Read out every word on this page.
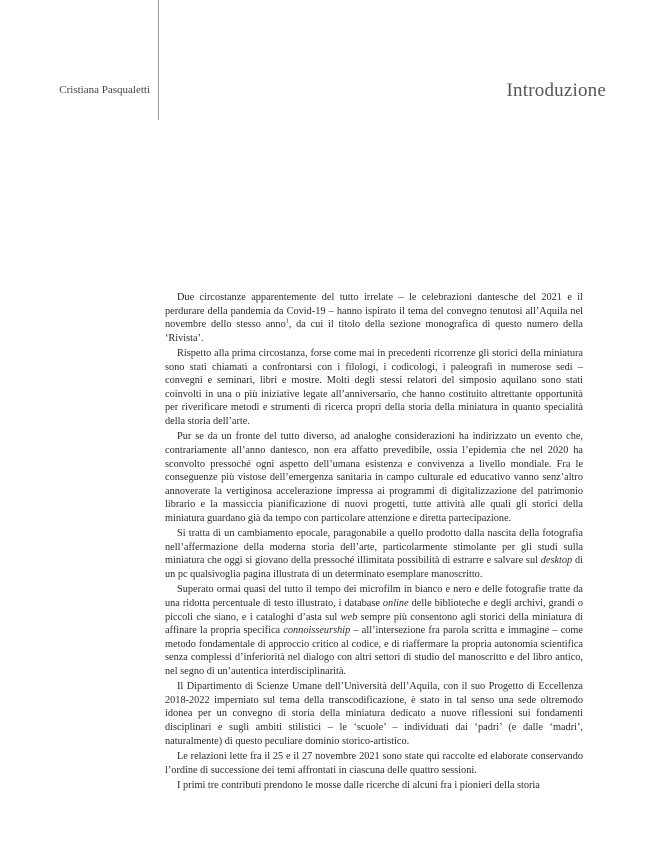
Cristiana Pasqualetti	Introduzione

Due circostanze apparentemente del tutto irrelate – le celebrazioni dantesche del 2021 e il perdurare della pandemia da Covid-19 – hanno ispirato il tema del convegno tenutosi all’Aquila nel novembre dello stesso anno$^1$, da cui il titolo della sezione monografica di questo numero della ‘Rivista’.

Rispetto alla prima circostanza, forse come mai in precedenti ricorrenze gli storici della miniatura sono stati chiamati a confrontarsi con i filologi, i codicologi, i paleografi in numerose sedi – convegni e seminari, libri e mostre. Molti degli stessi relatori del simposio aquilano sono stati coinvolti in una o più iniziative legate all’anniversario, che hanno costituito altrettante opportunità per riverificare metodi e strumenti di ricerca propri della storia della miniatura in quanto specialità della storia dell’arte.

Pur se da un fronte del tutto diverso, ad analoghe considerazioni ha indirizzato un evento che, contrariamente all’anno dantesco, non era affatto prevedibile, ossia l’epidemia che nel 2020 ha sconvolto pressoché ogni aspetto dell’umana esistenza e convivenza a livello mondiale. Fra le conseguenze più vistose dell’emergenza sanitaria in campo culturale ed educativo vanno senz’altro annoverate la vertiginosa accelerazione impressa ai programmi di digitalizzazione del patrimonio librario e la massiccia pianificazione di nuovi progetti, tutte attività alle quali gli storici della miniatura guardano già da tempo con particolare attenzione e diretta partecipazione.

Si tratta di un cambiamento epocale, paragonabile a quello prodotto dalla nascita della fotografia nell’affermazione della moderna storia dell’arte, particolarmente stimolante per gli studi sulla miniatura che oggi si giovano della pressoché illimitata possibilità di estrarre e salvare sul desktop di un pc qualsivoglia pagina illustrata di un determinato esemplare manoscritto.

Superato ormai quasi del tutto il tempo dei microfilm in bianco e nero e delle fotografie tratte da una ridotta percentuale di testo illustrato, i database online delle biblioteche e degli archivi, grandi o piccoli che siano, e i cataloghi d’asta sul web sempre più consentono agli storici della miniatura di affinare la propria specifica connoisseurship – all’intersezione fra parola scritta e immagine – come metodo fondamentale di approccio critico al codice, e di riaffermare la propria autonomia scientifica senza complessi d’inferiorità nel dialogo con altri settori di studio del manoscritto e del libro antico, nel segno di un’autentica interdisciplinarità.

Il Dipartimento di Scienze Umane dell’Università dell’Aquila, con il suo Progetto di Eccellenza 2018-2022 imperniato sul tema della transcodificazione, è stato in tal senso una sede oltremodo idonea per un convegno di storia della miniatura dedicato a nuove riflessioni sui fondamenti disciplinari e sugli ambiti stilistici – le ‘scuole’ – individuati dai ‘padri’ (e dalle ‘madri’, naturalmente) di questo peculiare dominio storico-artistico.

Le relazioni lette fra il 25 e il 27 novembre 2021 sono state qui raccolte ed elaborate conservando l’ordine di successione dei temi affrontati in ciascuna delle quattro sessioni.

I primi tre contributi prendono le mosse dalle ricerche di alcuni fra i pionieri della storia
